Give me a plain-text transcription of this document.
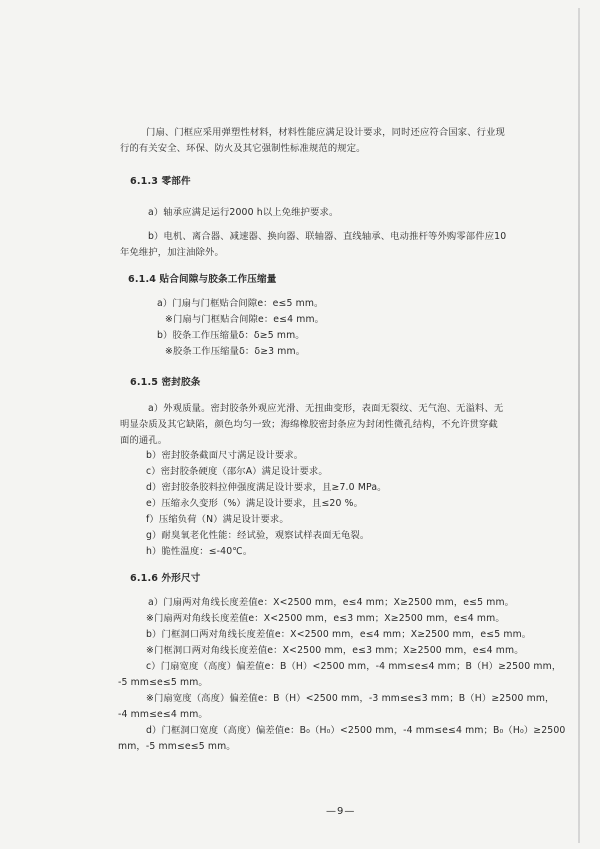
门扇、门框应采用弹塑性材料，材料性能应满足设计要求，同时还应符合国家、行业现
行的有关安全、环保、防火及其它强制性标准规范的规定。
6.1.3 零部件
a）轴承应满足运行2000 h以上免维护要求。
b）电机、离合器、减速器、换向器、联轴器、直线轴承、电动推杆等外购零部件应10
年免维护，加注油除外。
6.1.4 贴合间隙与胶条工作压缩量
a）门扇与门框贴合间隙e：e≤5 mm。
※门扇与门框贴合间隙e：e≤4 mm。
b）胶条工作压缩量δ：δ≥5 mm。
※胶条工作压缩量δ：δ≥3 mm。
6.1.5 密封胶条
a）外观质量。密封胶条外观应光滑、无扭曲变形，表面无裂纹、无气泡、无溢料、无
明显杂质及其它缺陷，颜色均匀一致；海绵橡胶密封条应为封闭性微孔结构，不允许贯穿截
面的通孔。
b）密封胶条截面尺寸满足设计要求。
c）密封胶条硬度（邵尔A）满足设计要求。
d）密封胶条胶料拉伸强度满足设计要求，且≥7.0 MPa。
e）压缩永久变形（%）满足设计要求，且≤20 %。
f）压缩负荷（N）满足设计要求。
g）耐臭氧老化性能：经试验，观察试样表面无龟裂。
h）脆性温度：≤-40℃。
6.1.6 外形尺寸
a）门扇两对角线长度差值e：X<2500 mm，e≤4 mm；X≥2500 mm，e≤5 mm。
※门扇两对角线长度差值e：X<2500 mm，e≤3 mm；X≥2500 mm，e≤4 mm。
b）门框洞口两对角线长度差值e：X<2500 mm，e≤4 mm；X≥2500 mm，e≤5 mm。
※门框洞口两对角线长度差值e：X<2500 mm，e≤3 mm；X≥2500 mm，e≤4 mm。
c）门扇宽度（高度）偏差值e：B（H）<2500 mm，-4 mm≤e≤4 mm；B（H）≥2500 mm，
-5 mm≤e≤5 mm。
※门扇宽度（高度）偏差值e：B（H）<2500 mm，-3 mm≤e≤3 mm；B（H）≥2500 mm，
-4 mm≤e≤4 mm。
d）门框洞口宽度（高度）偏差值e：B₀（H₀）<2500 mm，-4 mm≤e≤4 mm；B₀（H₀）≥2500
mm，-5 mm≤e≤5 mm。
—9—
